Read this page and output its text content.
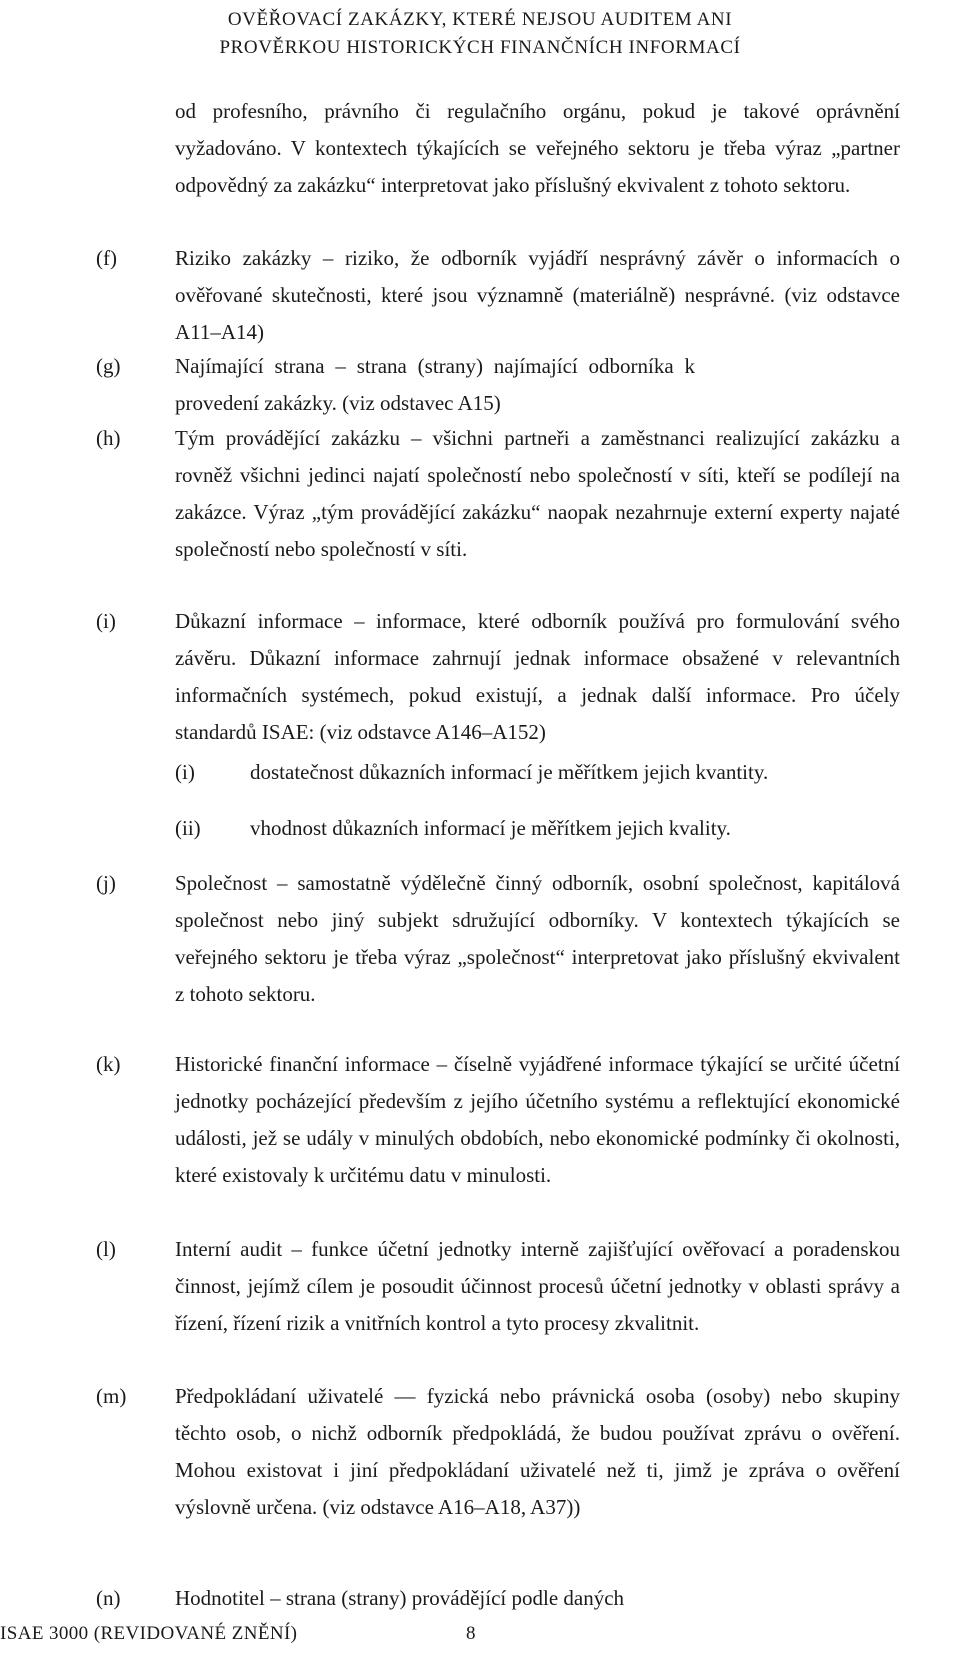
OVĚŘOVACÍ ZAKÁZKY, KTERÉ NEJSOU AUDITEM ANI
PROVĚRKOU HISTORICKÝCH FINANČNÍCH INFORMACÍ

od profesního, právního či regulačního orgánu, pokud je takové oprávnění vyžadováno. V kontextech týkajících se veřejného sektoru je třeba výraz „partner odpovědný za zakázku“ interpretovat jako příslušný ekvivalent z tohoto sektoru.

(f)	Riziko zakázky – riziko, že odborník vyjádří nesprávný závěr o informacích o ověřované skutečnosti, které jsou významně (materiálně) nesprávné. (viz odstavce A11–A14)

(g)	Najímající strana – strana (strany) najímající odborníka k provedení zakázky. (viz odstavec A15)

(h)	Tým provádějící zakázku – všichni partneři a zaměstnanci realizující zakázku a rovněž všichni jedinci najatí společností nebo společností v síti, kteří se podílejí na zakázce. Výraz „tým provádějící zakázku“ naopak nezahrnuje externí experty najaté společností nebo společností v síti.

(i)	Důkazní informace – informace, které odborník používá pro formulování svého závěru. Důkazní informace zahrnují jednak informace obsažené v relevantních informačních systémech, pokud existují, a jednak další informace. Pro účely standardů ISAE: (viz odstavce A146–A152)

(i)	dostatečnost důkazních informací je měřítkem jejich kvantity.
(ii) vhodnost důkazních informací je měřítkem jejich kvality.
(j)	Společnost – samostatně výdělečně činný odborník, osobní společnost, kapitálová společnost nebo jiný subjekt sdružující odborníky. V kontextech týkajících se veřejného sektoru je třeba výraz „společnost“ interpretovat jako příslušný ekvivalent z tohoto sektoru.

(k)	Historické finanční informace – číselně vyjádřené informace týkající se určité účetní jednotky pocházející především z jejího účetního systému a reflektující ekonomické události, jež se udály v minulých obdobích, nebo ekonomické podmínky či okolnosti, které existovaly k určitému datu v minulosti.

(l)	Interní audit – funkce účetní jednotky interně zajišťující ověřovací a poradenskou činnost, jejímž cílem je posoudit účinnost procesů účetní jednotky v oblasti správy a řízení, řízení rizik a vnitřních kontrol a tyto procesy zkvalitnit.

(m) Předpokládaní uživatelé –– fyzická nebo právnická osoba (osoby) nebo skupiny těchto osob, o nichž odborník předpokládá, že budou používat zprávu o ověření. Mohou existovat i jiní předpokládaní uživatelé než ti, jimž je zpráva o ověření výslovně určena. (viz odstavce A16–A18, A37))

(n)	Hodnotitel – strana (strany) provádějící podle daných

ISAE 3000 (REVIDOVANÉ ZNĚNÍ)	8
